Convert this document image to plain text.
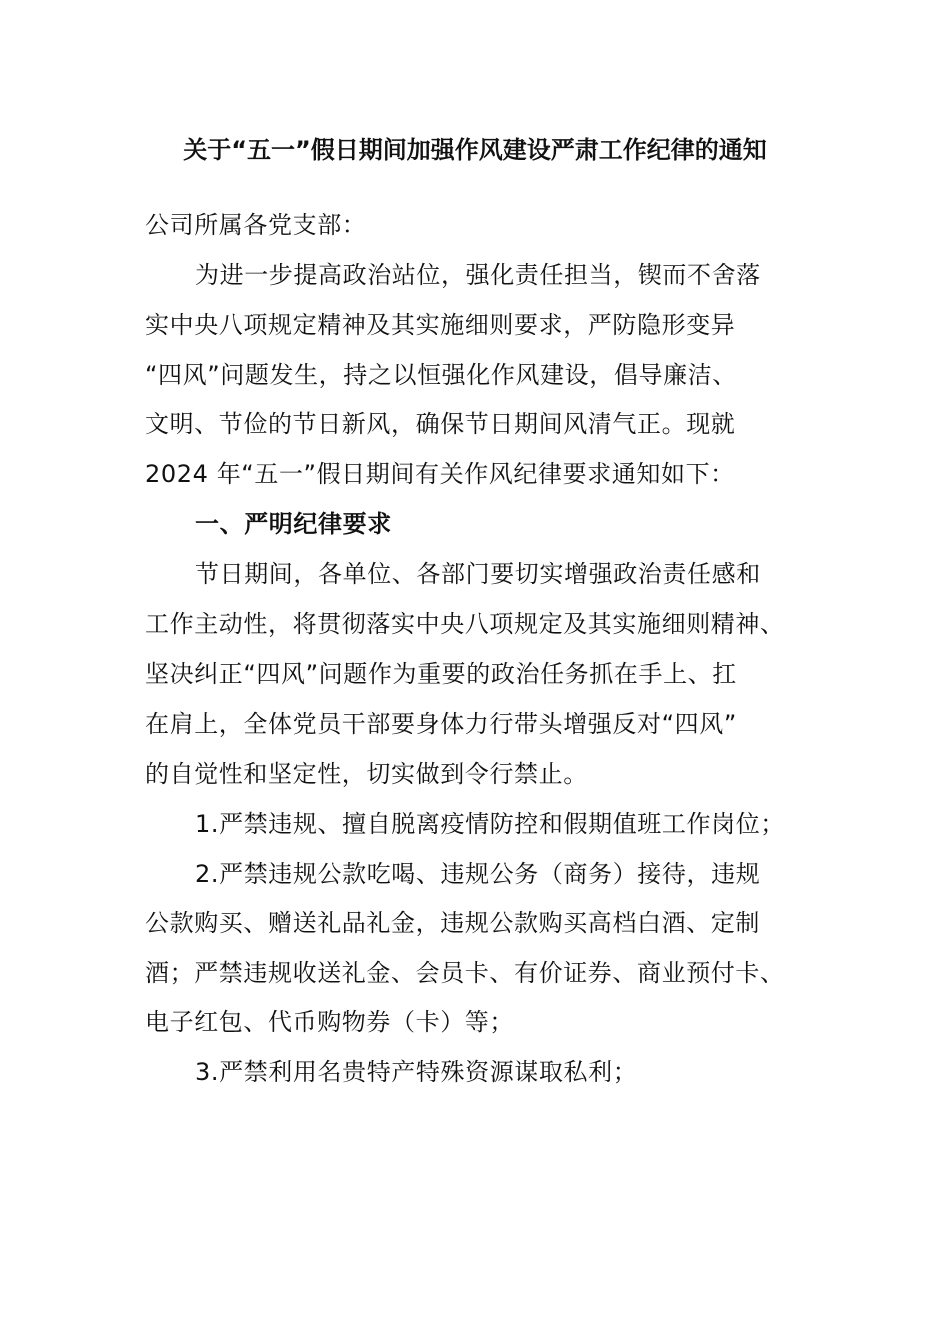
关于“五一”假日期间加强作风建设严肃工作纪律的通知
公司所属各党支部：
为进一步提高政治站位，强化责任担当，锲而不舍落
实中央八项规定精神及其实施细则要求，严防隐形变异
“四风”问题发生，持之以恒强化作风建设，倡导廉洁、
文明、节俭的节日新风，确保节日期间风清气正。现就
2024 年“五一”假日期间有关作风纪律要求通知如下：
一、严明纪律要求
节日期间，各单位、各部门要切实增强政治责任感和
工作主动性，将贯彻落实中央八项规定及其实施细则精神、
坚决纠正“四风”问题作为重要的政治任务抓在手上、扛
在肩上，全体党员干部要身体力行带头增强反对“四风”
的自觉性和坚定性，切实做到令行禁止。
1.严禁违规、擅自脱离疫情防控和假期值班工作岗位；
2.严禁违规公款吃喝、违规公务（商务）接待，违规
公款购买、赠送礼品礼金，违规公款购买高档白酒、定制
酒；严禁违规收送礼金、会员卡、有价证券、商业预付卡、
电子红包、代币购物券（卡）等；
3.严禁利用名贵特产特殊资源谋取私利；
